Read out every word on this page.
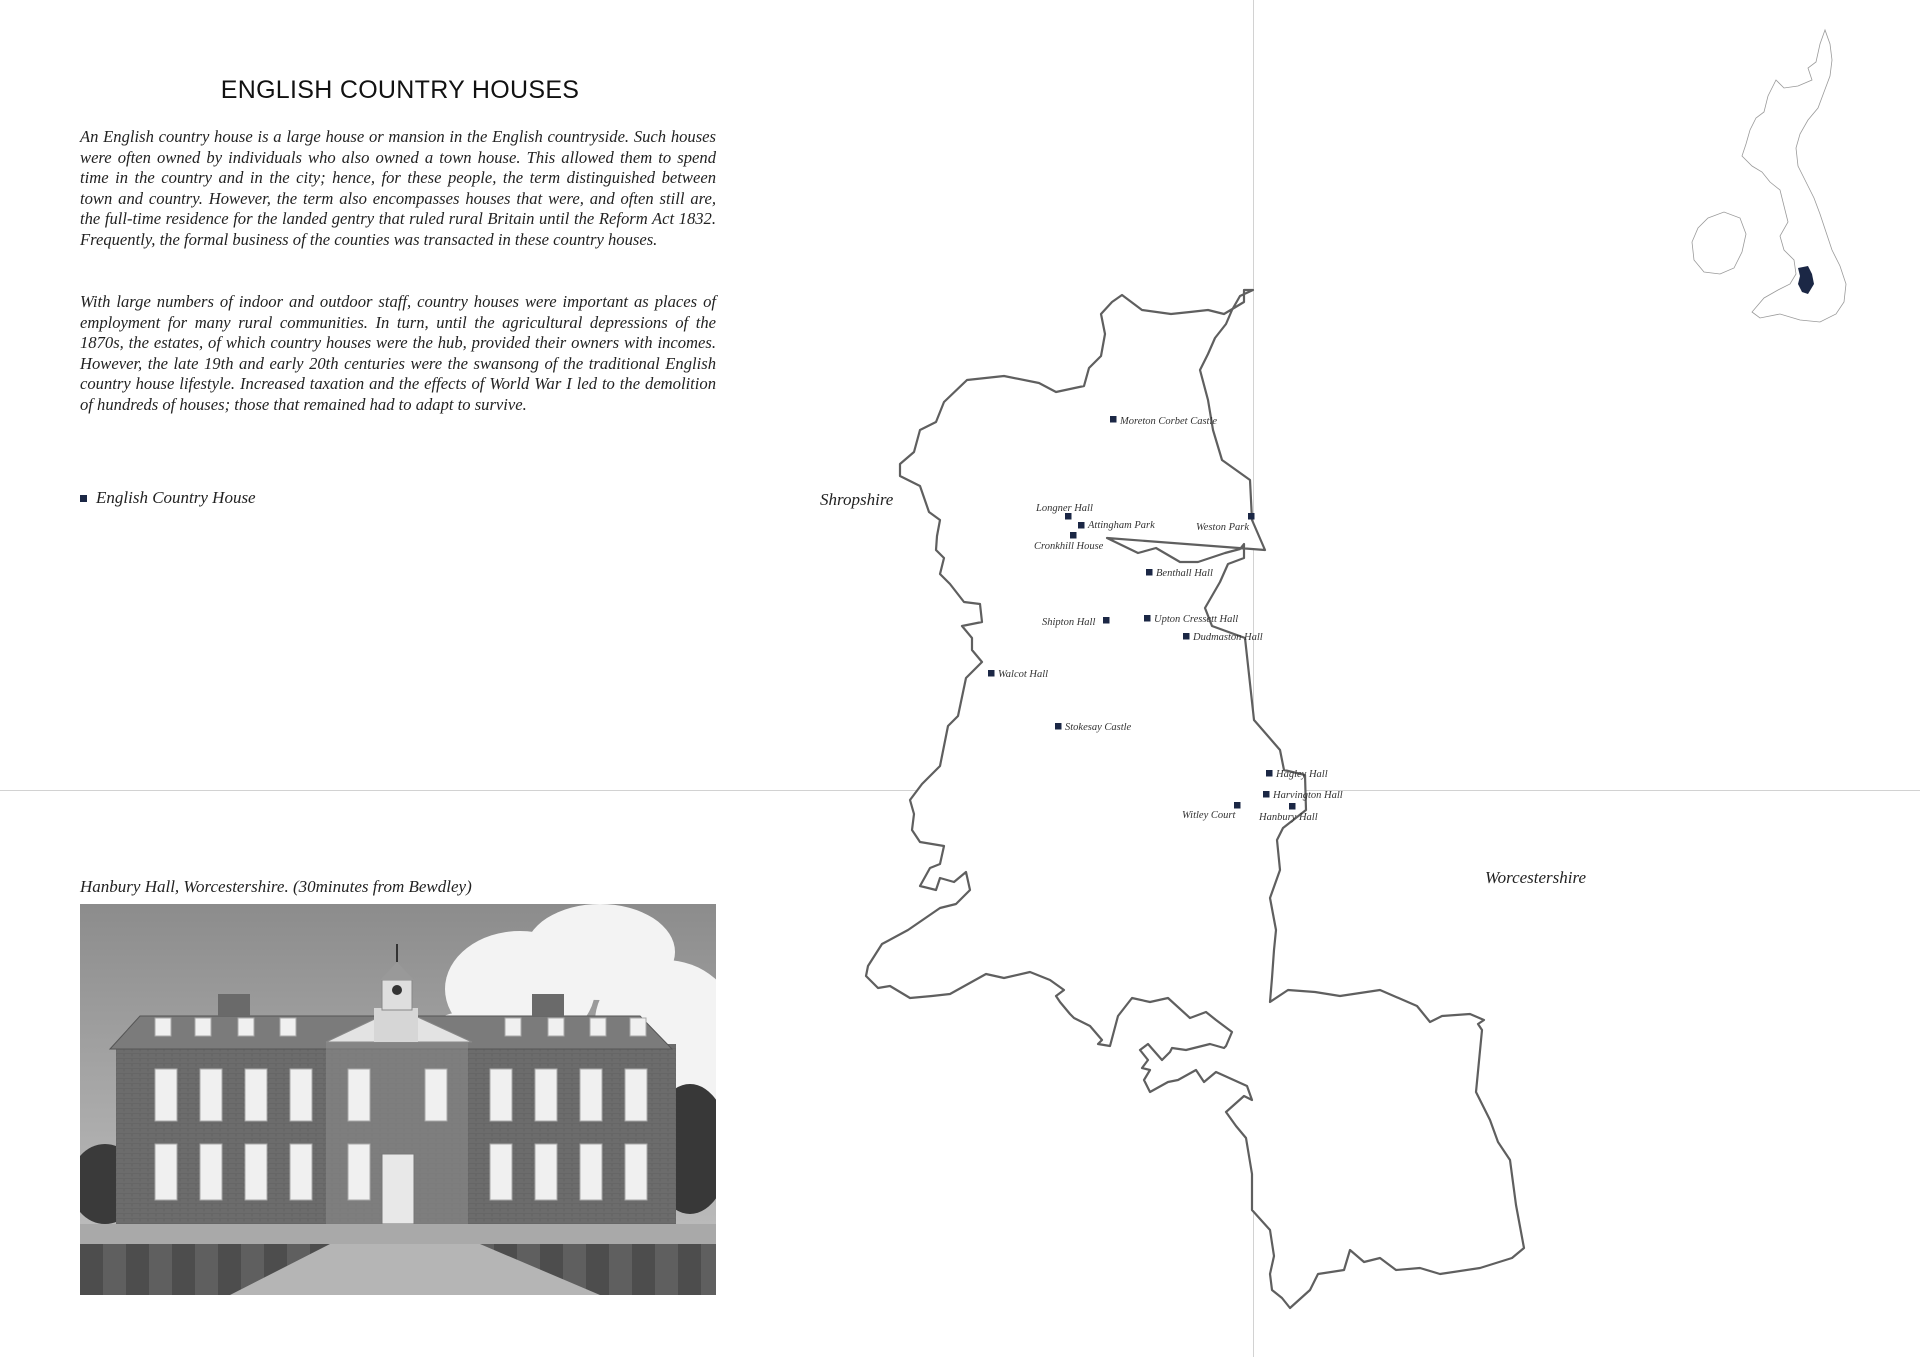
ENGLISH COUNTRY HOUSES

An English country house is a large house or mansion in the English countryside. Such houses were often owned by individuals who also owned a town house. This allowed them to spend time in the country and in the city; hence, for these people, the term distinguished between town and country. However, the term also encompasses houses that were, and often still are, the full-time residence for the landed gentry that ruled rural Britain until the Reform Act 1832. Frequently, the formal business of the counties was transacted in these country houses.

With large numbers of indoor and outdoor staff, country houses were important as places of employment for many rural communities. In turn, until the agricultural depressions of the 1870s, the estates, of which country houses were the hub, provided their owners with incomes. However, the late 19th and early 20th centuries were the swansong of the traditional English country house lifestyle. Increased taxation and the effects of World War I led to the demolition of hundreds of houses; those that remained had to adapt to survive.

English Country House

Hanbury Hall, Worcestershire. (30minutes from Bewdley)

Moreton Corbet Castle
Longner Hall
Attingham Park
Cronkhill House
Weston Park
Benthall Hall
Shipton Hall	Upton Cressett Hall
Dudmaston Hall
Walcot Hall
Stokesay Castle
Hagley Hall
Harvington Hall
Witley Court Hanbury Hall
Shropshire
Worcestershire
